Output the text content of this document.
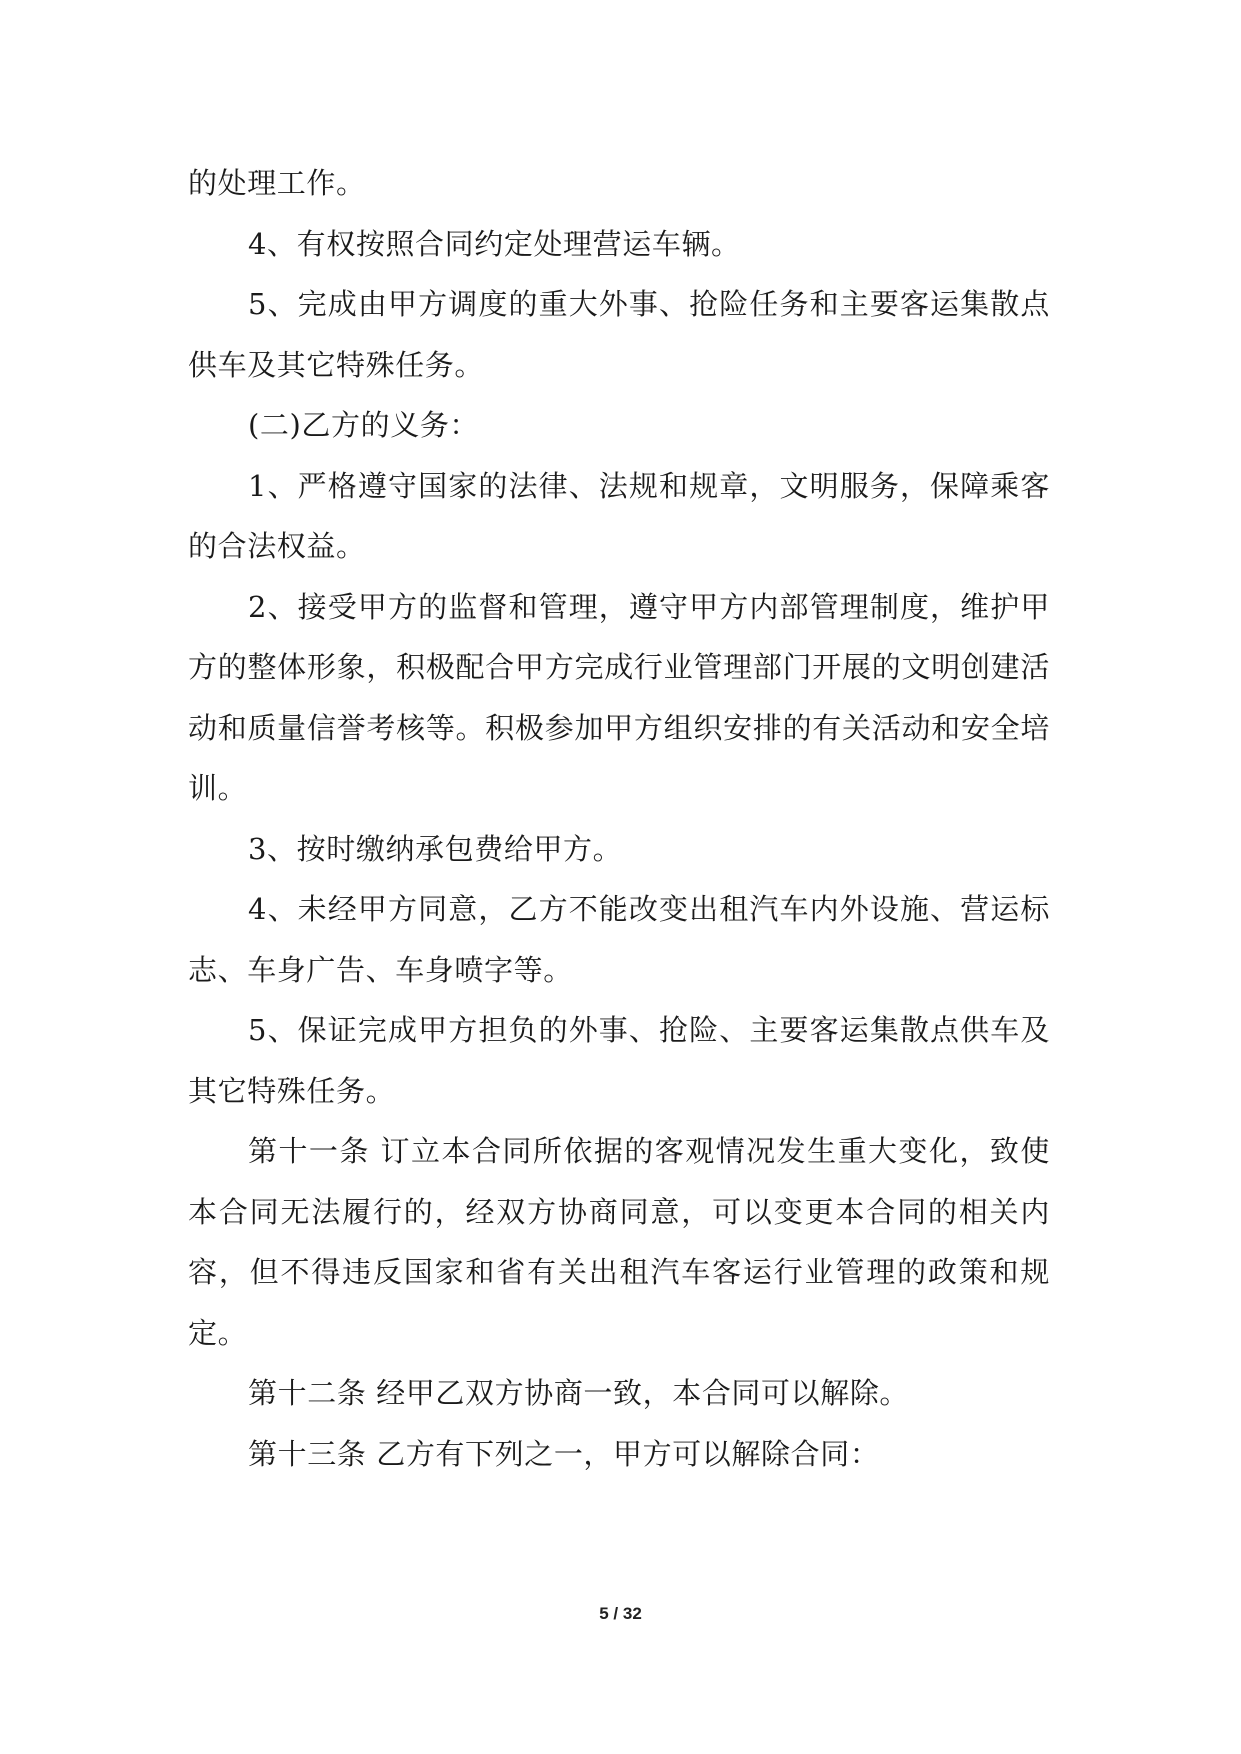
的处理工作。

4、有权按照合同约定处理营运车辆。

5、完成由甲方调度的重大外事、抢险任务和主要客运集散点供车及其它特殊任务。

(二)乙方的义务：

1、严格遵守国家的法律、法规和规章，文明服务，保障乘客的合法权益。

2、接受甲方的监督和管理，遵守甲方内部管理制度，维护甲方的整体形象，积极配合甲方完成行业管理部门开展的文明创建活动和质量信誉考核等。积极参加甲方组织安排的有关活动和安全培训。

3、按时缴纳承包费给甲方。

4、未经甲方同意，乙方不能改变出租汽车内外设施、营运标志、车身广告、车身喷字等。

5、保证完成甲方担负的外事、抢险、主要客运集散点供车及其它特殊任务。

第十一条 订立本合同所依据的客观情况发生重大变化，致使本合同无法履行的，经双方协商同意，可以变更本合同的相关内容，但不得违反国家和省有关出租汽车客运行业管理的政策和规定。

第十二条 经甲乙双方协商一致，本合同可以解除。

第十三条 乙方有下列之一，甲方可以解除合同：

5 / 32
